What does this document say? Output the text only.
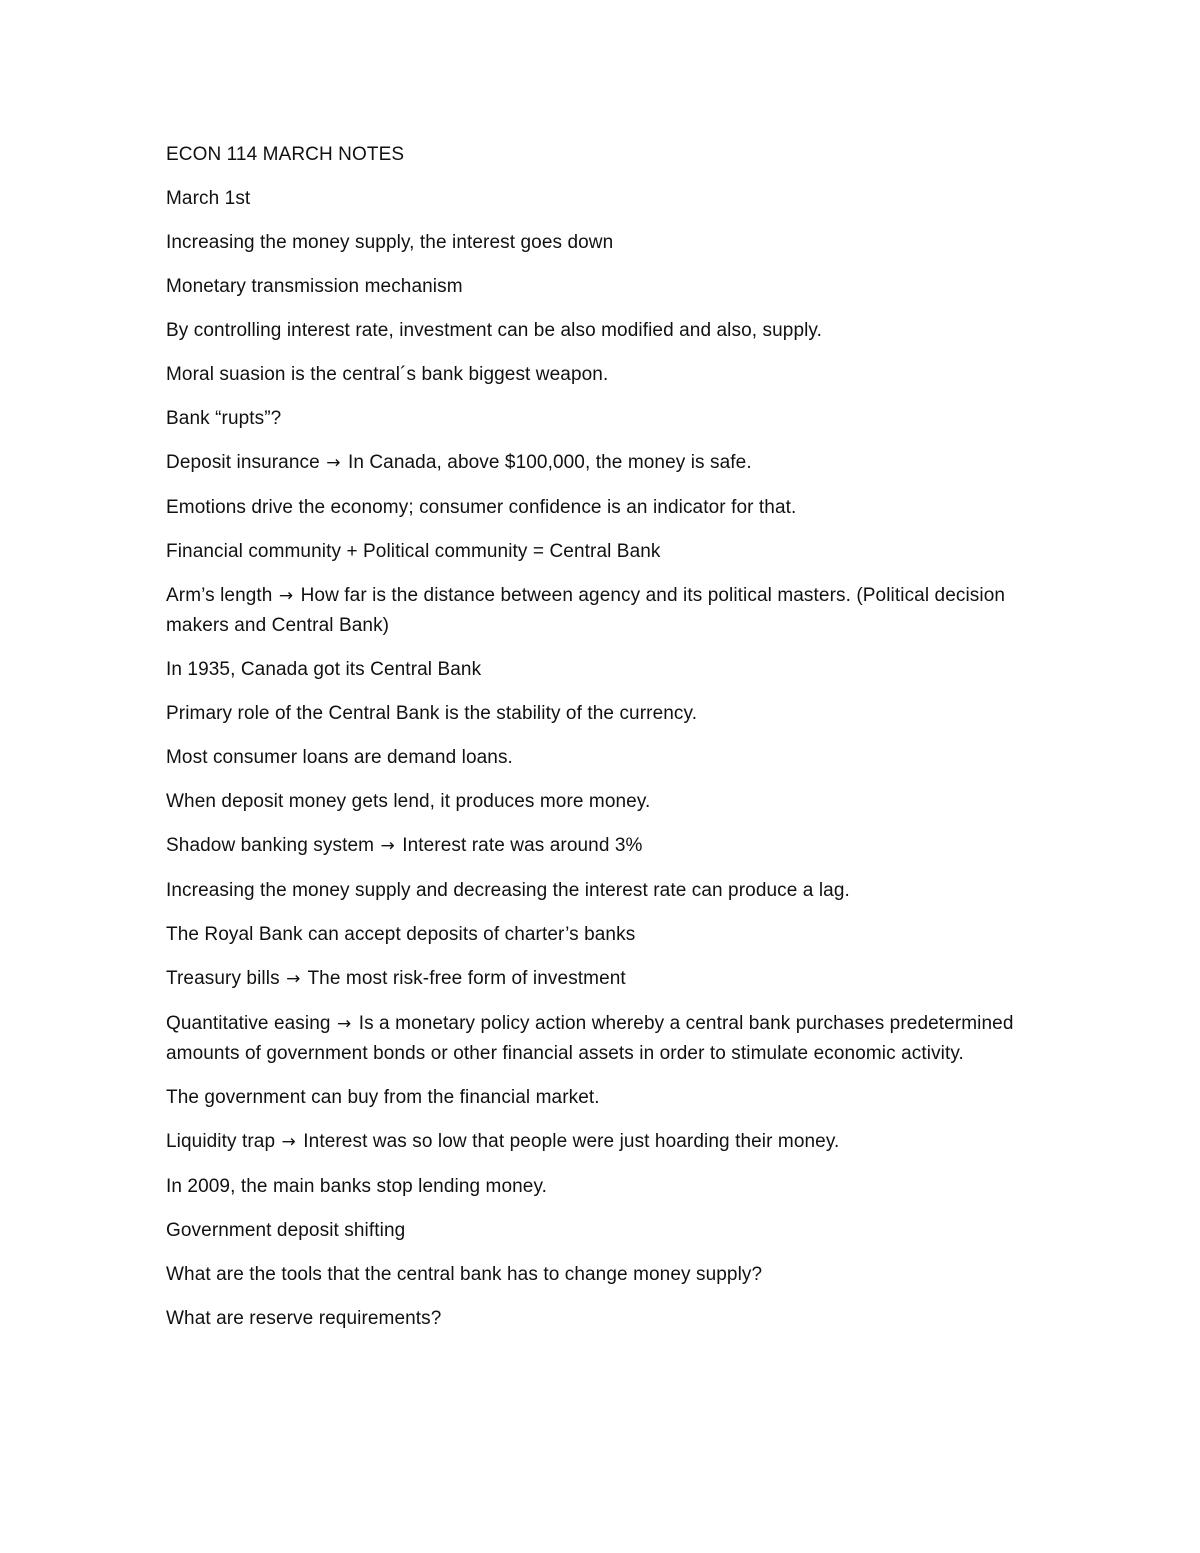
ECON 114 MARCH NOTES

March 1st

Increasing the money supply, the interest goes down

Monetary transmission mechanism

By controlling interest rate, investment can be also modified and also, supply.

Moral suasion is the central´s bank biggest weapon.

Bank “rupts”?

Deposit insurance → In Canada, above $100,000, the money is safe.

Emotions drive the economy; consumer confidence is an indicator for that.

Financial community + Political community = Central Bank

Arm’s length → How far is the distance between agency and its political masters. (Political decision makers and Central Bank)

In 1935, Canada got its Central Bank

Primary role of the Central Bank is the stability of the currency.

Most consumer loans are demand loans.

When deposit money gets lend, it produces more money.

Shadow banking system → Interest rate was around 3%

Increasing the money supply and decreasing the interest rate can produce a lag.

The Royal Bank can accept deposits of charter’s banks

Treasury bills → The most risk-free form of investment

Quantitative easing → Is a monetary policy action whereby a central bank purchases predetermined amounts of government bonds or other financial assets in order to stimulate economic activity.

The government can buy from the financial market.

Liquidity trap → Interest was so low that people were just hoarding their money.

In 2009, the main banks stop lending money.

Government deposit shifting

What are the tools that the central bank has to change money supply?

What are reserve requirements?
